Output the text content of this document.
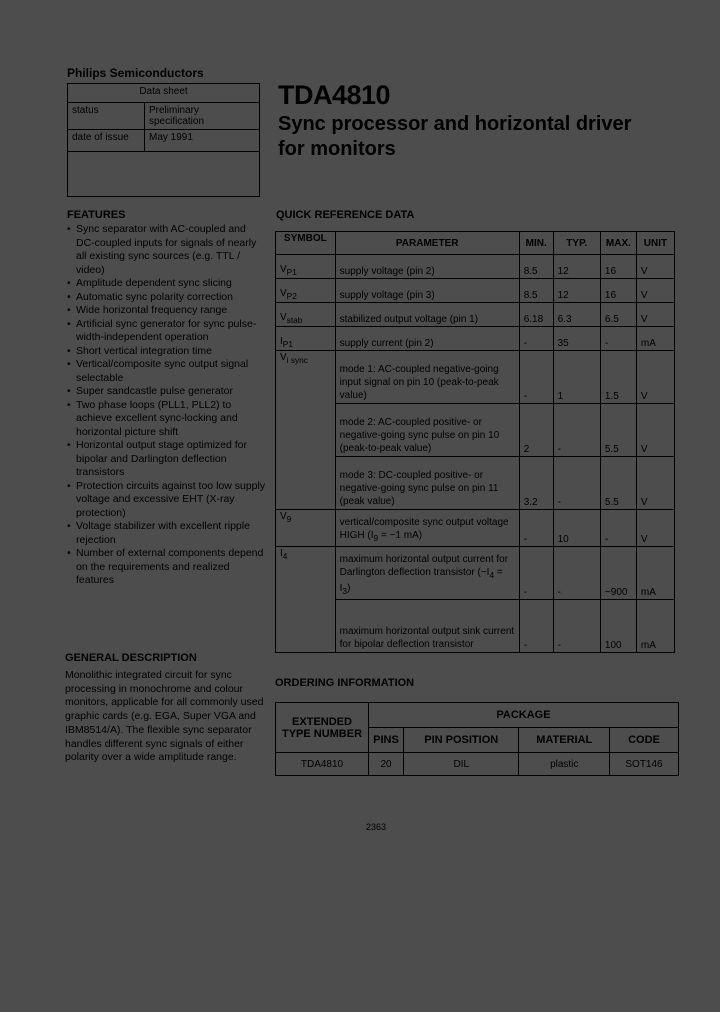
Philips Semiconductors
Data sheet	
status	Preliminary specification
date of issue	May 1991

TDA4810
Sync processor and horizontal driver for monitors
FEATURES
• Sync separator with AC-coupled and DC-coupled inputs for signals of nearly all existing sync sources (e.g. TTL / video)
• Amplitude dependent sync slicing
• Automatic sync polarity correction
• Wide horizontal frequency range
• Artificial sync generator for sync pulse-width-independent operation
• Short vertical integration time
• Vertical/composite sync output signal selectable
• Super sandcastle pulse generator
• Two phase loops (PLL1, PLL2) to achieve excellent sync-locking and horizontal picture shift
• Horizontal output stage optimized for bipolar and Darlington deflection transistors
• Protection circuits against too low supply voltage and excessive EHT (X-ray protection)
• Voltage stabilizer with excellent ripple rejection
• Number of external components depend on the requirements and realized features
GENERAL DESCRIPTION
Monolithic integrated circuit for sync processing in monochrome and colour monitors, applicable for all commonly used graphic cards (e.g. EGA, Super VGA and IBM8514/A). The flexible sync separator handles different sync signals of either polarity over a wide amplitude range.
QUICK REFERENCE DATA
SYMBOL	PARAMETER	MIN.	TYP.	MAX.	UNIT
$V_{P1}$	supply voltage (pin 2)	8.5	12	16	V
$V_{P2}$	supply voltage (pin 3)	8.5	12	16	V
$V_{stab}$	stabilized output voltage (pin 1)	6.18	6.3	6.5	V
$I_{P1}$	supply current (pin 2)	-	35	-	mA
$V_{i sync}$	mode 1: AC-coupled negative-going input signal on pin 10 (peak-to-peak value)	-	1	1.5	V
	mode 2: AC-coupled positive- or negative-going sync pulse on pin 10 (peak-to-peak value)	2	-	5.5	V
	mode 3: DC-coupled positive- or negative-going sync pulse on pin 11 (peak value)	3.2	-	5.5	V
$V_9$	vertical/composite sync output voltage HIGH ($I_9 = -1$ mA)	-	10	-	V
$I_4$	maximum horizontal output current for Darlington deflection transistor $(-I_4 = I_3)$	-	-	−900	mA
	maximum horizontal output sink current for bipolar deflection transistor	-	-	100	mA
ORDERING INFORMATION
EXTENDED TYPE NUMBER	PACKAGE			
	PINS	PIN POSITION	MATERIAL	CODE
TDA4810	20	DIL	plastic	SOT146
2363
